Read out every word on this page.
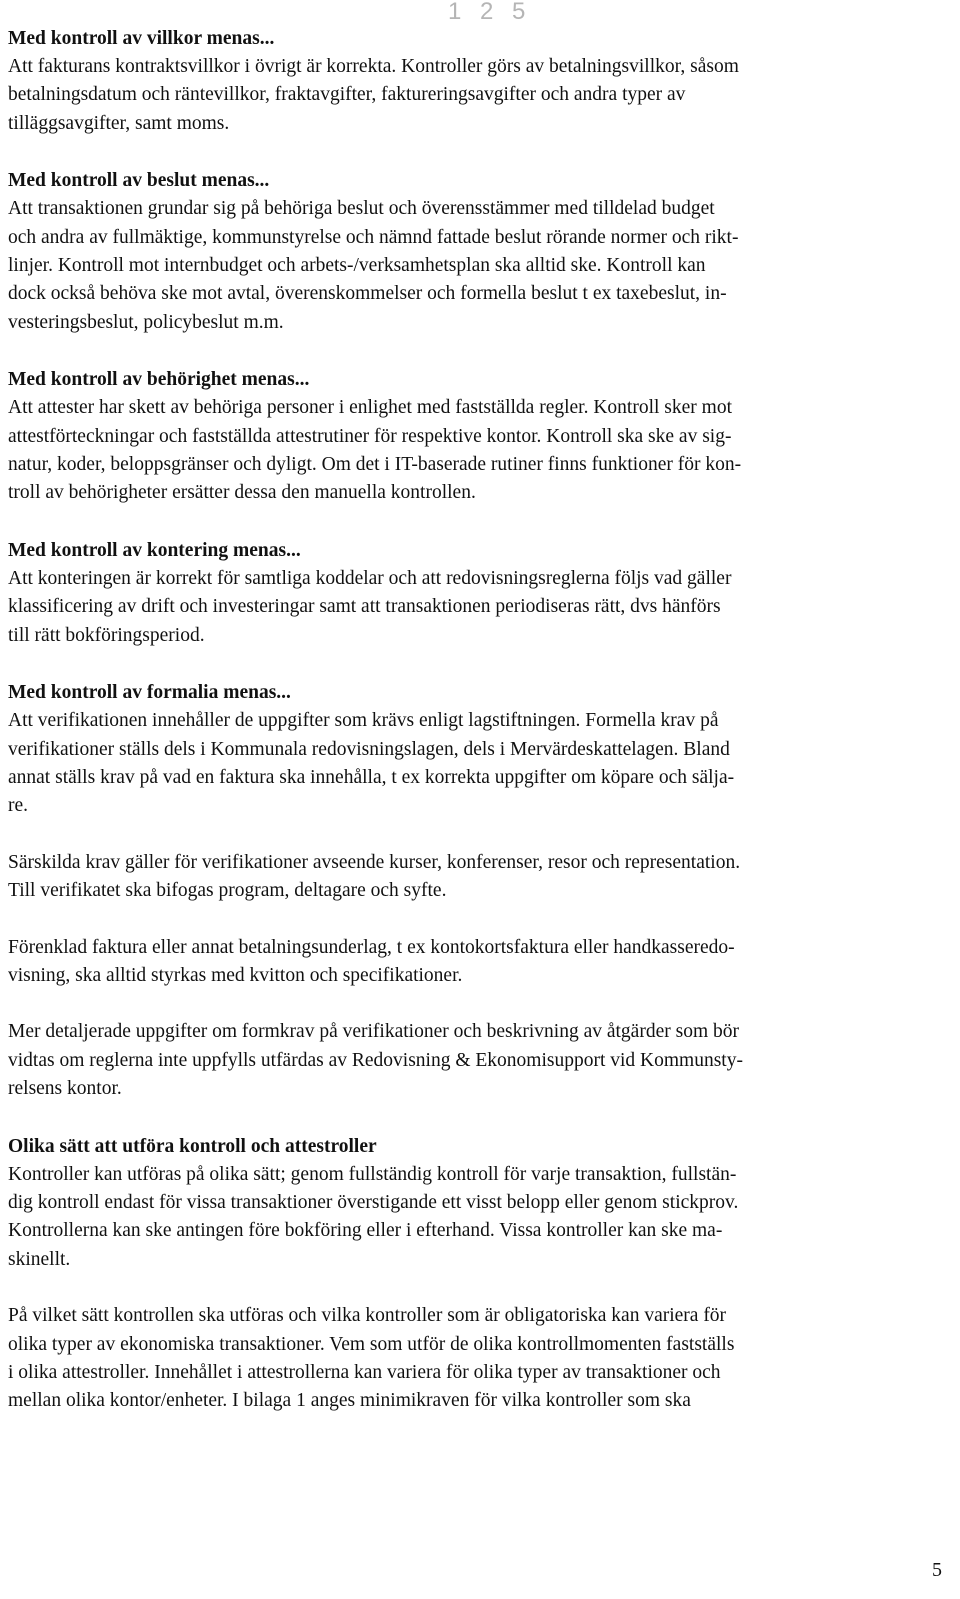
1 2 5
Med kontroll av villkor menas...
Att fakturans kontraktsvillkor i övrigt är korrekta. Kontroller görs av betalningsvillkor, såsom
betalningsdatum och räntevillkor, fraktavgifter, faktureringsavgifter och andra typer av
tilläggsavgifter, samt moms.
Med kontroll av beslut menas...
Att transaktionen grundar sig på behöriga beslut och överensstämmer med tilldelad budget
och andra av fullmäktige, kommunstyrelse och nämnd fattade beslut rörande normer och rikt-
linjer. Kontroll mot internbudget och arbets-/verksamhetsplan ska alltid ske. Kontroll kan
dock också behöva ske mot avtal, överenskommelser och formella beslut t ex taxebeslut, in-
vesteringsbeslut, policybeslut m.m.
Med kontroll av behörighet menas...
Att attester har skett av behöriga personer i enlighet med fastställda regler. Kontroll sker mot
attestförteckningar och fastställda attestrutiner för respektive kontor. Kontroll ska ske av sig-
natur, koder, beloppsgränser och dyligt. Om det i IT-baserade rutiner finns funktioner för kon-
troll av behörigheter ersätter dessa den manuella kontrollen.
Med kontroll av kontering menas...
Att konteringen är korrekt för samtliga koddelar och att redovisningsreglerna följs vad gäller
klassificering av drift och investeringar samt att transaktionen periodiseras rätt, dvs hänförs
till rätt bokföringsperiod.
Med kontroll av formalia menas...
Att verifikationen innehåller de uppgifter som krävs enligt lagstiftningen. Formella krav på
verifikationer ställs dels i Kommunala redovisningslagen, dels i Mervärdeskattelagen. Bland
annat ställs krav på vad en faktura ska innehålla, t ex korrekta uppgifter om köpare och sälja-
re.
Särskilda krav gäller för verifikationer avseende kurser, konferenser, resor och representation.
Till verifikatet ska bifogas program, deltagare och syfte.
Förenklad faktura eller annat betalningsunderlag, t ex kontokortsfaktura eller handkasseredo-
visning, ska alltid styrkas med kvitton och specifikationer.
Mer detaljerade uppgifter om formkrav på verifikationer och beskrivning av åtgärder som bör
vidtas om reglerna inte uppfylls utfärdas av Redovisning & Ekonomisupport vid Kommunsty-
relsens kontor.
Olika sätt att utföra kontroll och attestroller
Kontroller kan utföras på olika sätt; genom fullständig kontroll för varje transaktion, fullstän-
dig kontroll endast för vissa transaktioner överstigande ett visst belopp eller genom stickprov.
Kontrollerna kan ske antingen före bokföring eller i efterhand. Vissa kontroller kan ske ma-
skinellt.
På vilket sätt kontrollen ska utföras och vilka kontroller som är obligatoriska kan variera för
olika typer av ekonomiska transaktioner. Vem som utför de olika kontrollmomenten fastställs
i olika attestroller. Innehållet i attestrollerna kan variera för olika typer av transaktioner och
mellan olika kontor/enheter. I bilaga 1 anges minimikraven för vilka kontroller som ska
5
